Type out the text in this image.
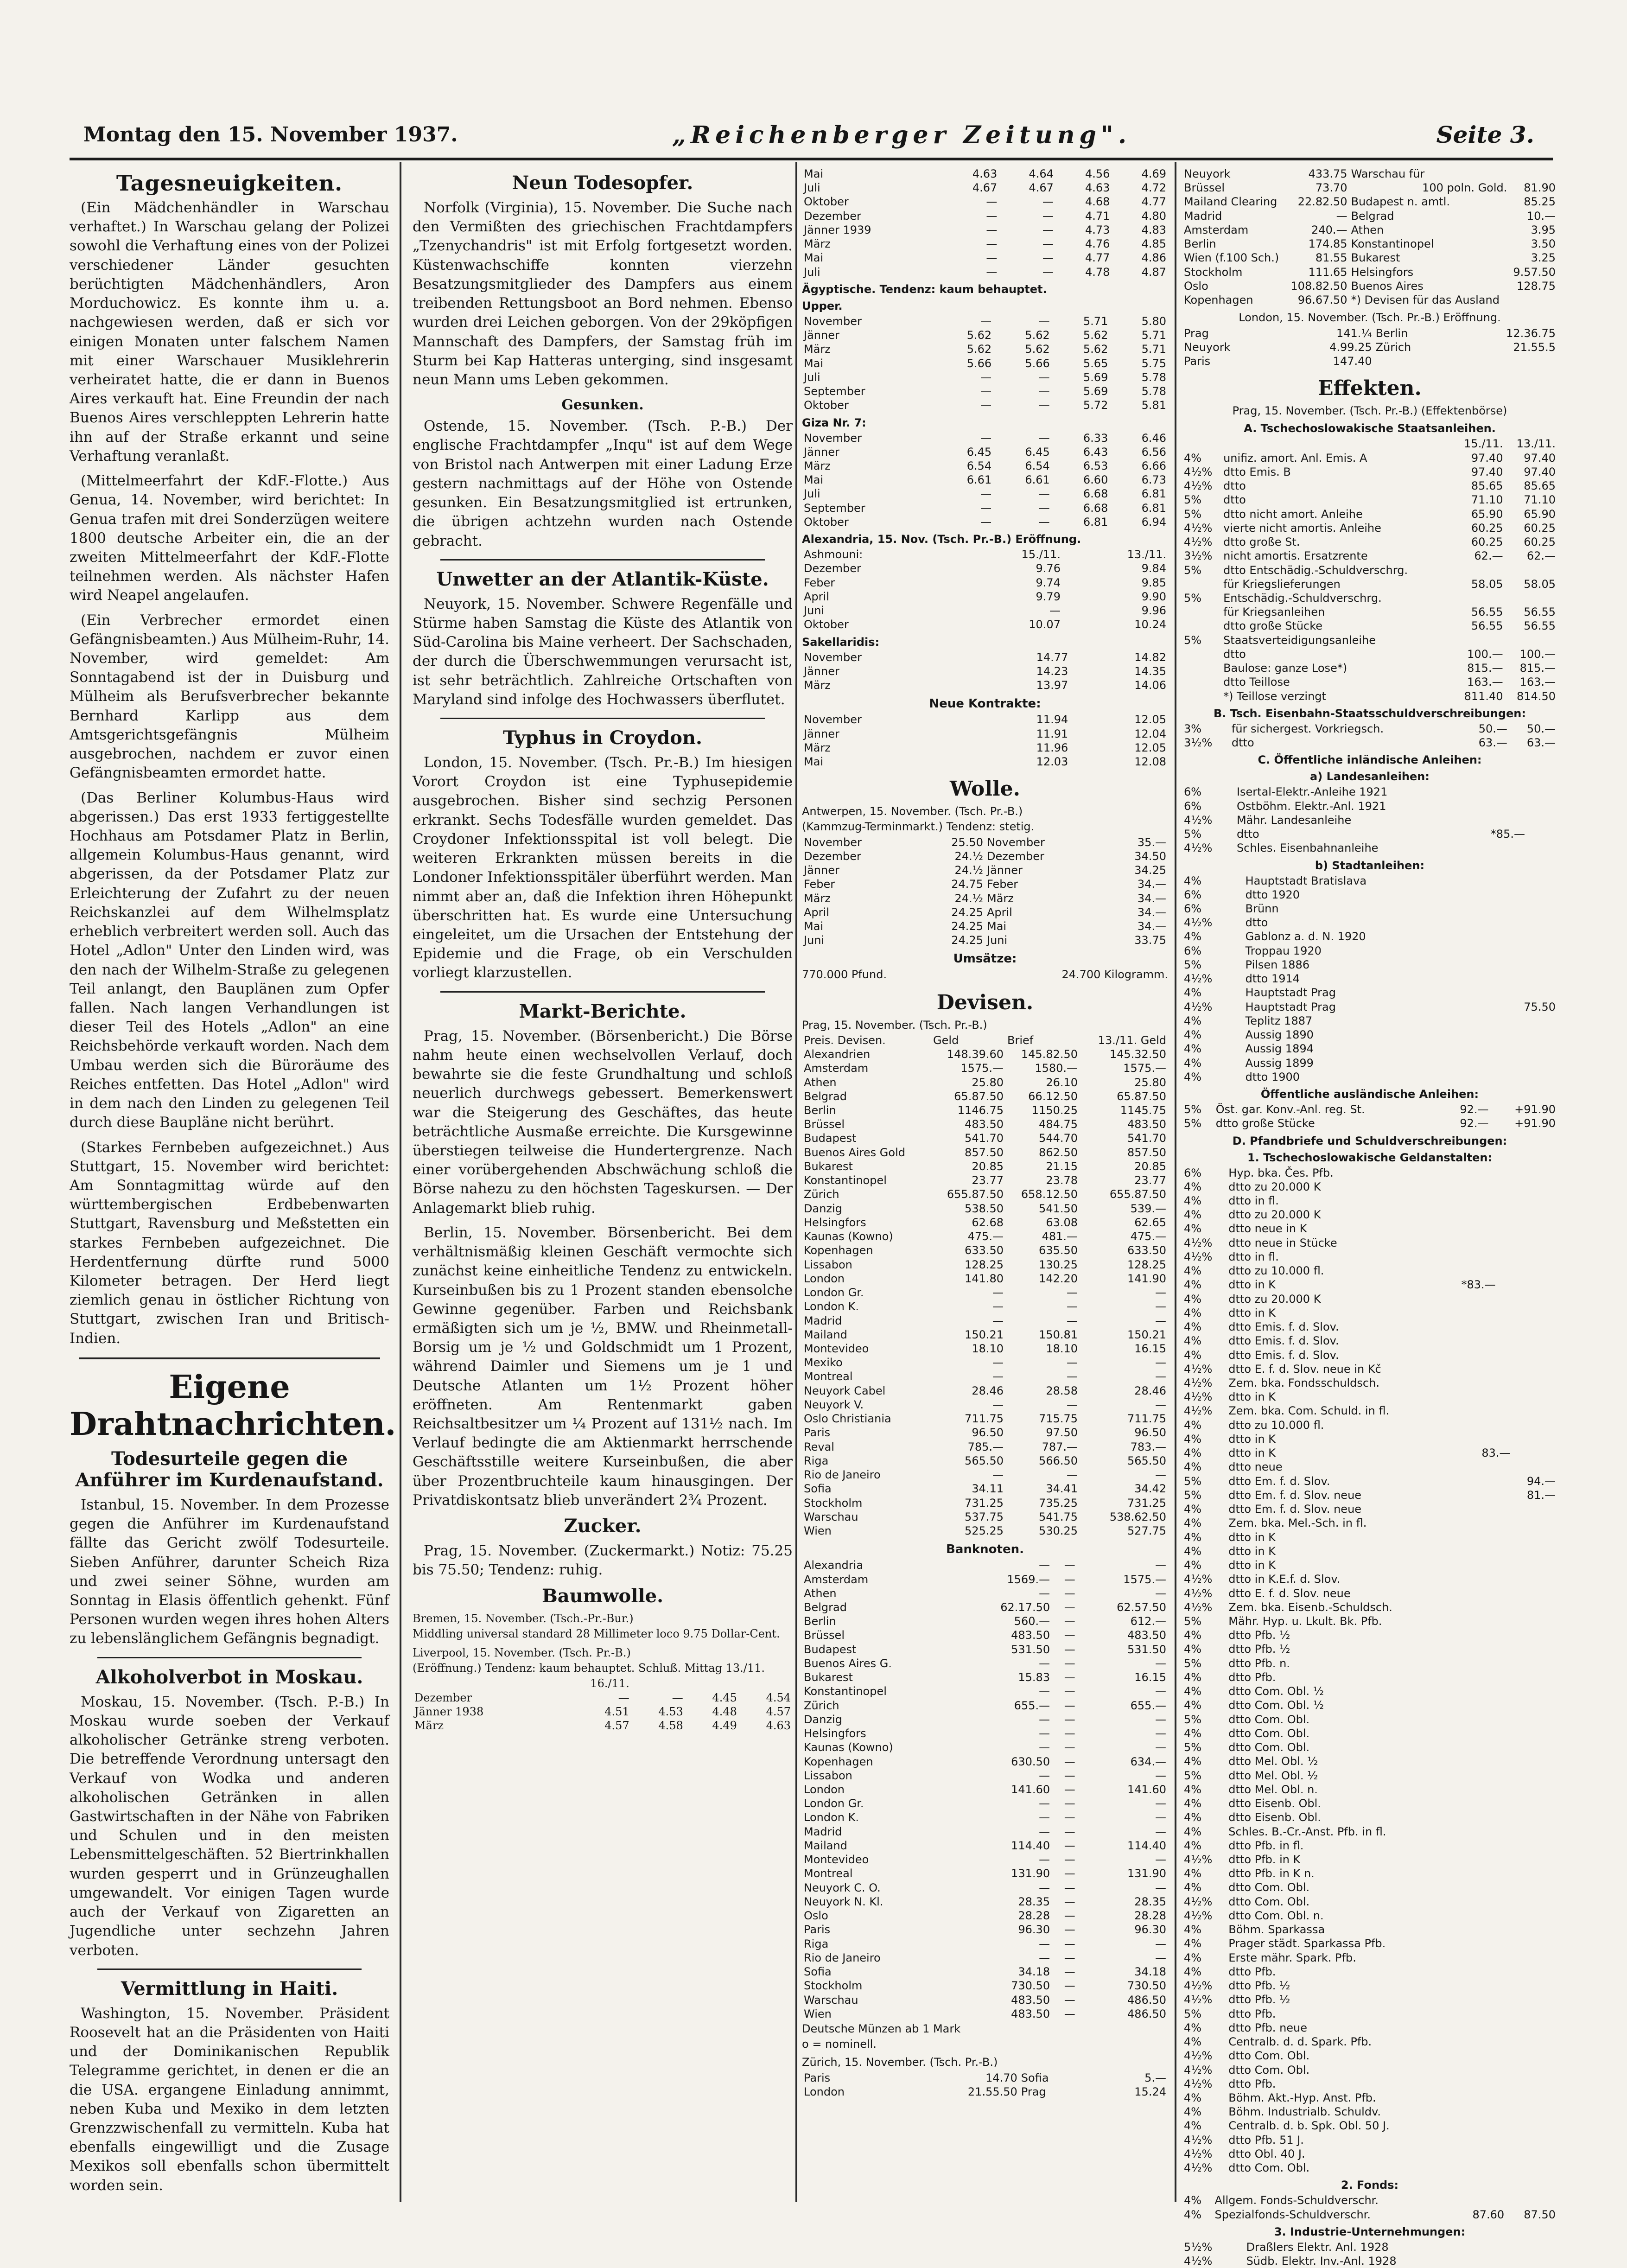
Montag den 15. November 1937.	„Reichenberger Zeitung".	Seite 3.
Tagesneuigkeiten.

(Ein Mädchenhändler in Warschau verhaftet.) In Warschau gelang der Polizei sowohl die Verhaftung eines von der Polizei verschiedener Länder gesuchten berüchtigten Mädchenhändlers, Aron Morduchowicz. Es konnte ihm u. a. nachgewiesen werden, daß er sich vor einigen Monaten unter falschem Namen mit einer Warschauer Musiklehrerin verheiratet hatte, die er dann in Buenos Aires verkauft hat. Eine Freundin der nach Buenos Aires verschleppten Lehrerin hatte ihn auf der Straße erkannt und seine Verhaftung veranlaßt.

(Mittelmeerfahrt der KdF.-Flotte.) Aus Genua, 14. November, wird berichtet: In Genua trafen mit drei Sonderzügen weitere 1800 deutsche Arbeiter ein, die an der zweiten Mittelmeerfahrt der KdF.-Flotte teilnehmen werden. Als nächster Hafen wird Neapel angelaufen.

(Ein Verbrecher ermordet einen Gefängnisbeamten.) Aus Mülheim-Ruhr, 14. November, wird gemeldet: Am Sonntagabend ist der in Duisburg und Mülheim als Berufsverbrecher bekannte Bernhard Karlipp aus dem Amtsgerichtsgefängnis Mülheim ausgebrochen, nachdem er zuvor einen Gefängnisbeamten ermordet hatte.

(Das Berliner Kolumbus-Haus wird abgerissen.) Das erst 1933 fertiggestellte Hochhaus am Potsdamer Platz in Berlin, allgemein Kolumbus-Haus genannt, wird abgerissen, da der Potsdamer Platz zur Erleichterung der Zufahrt zu der neuen Reichskanzlei auf dem Wilhelmsplatz erheblich verbreitert werden soll. Auch das Hotel „Adlon" Unter den Linden wird, was den nach der Wilhelm-Straße zu gelegenen Teil anlangt, den Bauplänen zum Opfer fallen. Nach langen Verhandlungen ist dieser Teil des Hotels „Adlon" an eine Reichsbehörde verkauft worden. Nach dem Umbau werden sich die Büroräume des Reiches entfetten. Das Hotel „Adlon" wird in dem nach den Linden zu gelegenen Teil durch diese Baupläne nicht berührt.

(Starkes Fernbeben aufgezeichnet.) Aus Stuttgart, 15. November wird berichtet: Am Sonntagmittag würde auf den württembergischen Erdbebenwarten Stuttgart, Ravensburg und Meßstetten ein starkes Fernbeben aufgezeichnet. Die Herdentfernung dürfte rund 5000 Kilometer betragen. Der Herd liegt ziemlich genau in östlicher Richtung von Stuttgart, zwischen Iran und Britisch-Indien.

Eigene Drahtnachrichten.
Todesurteile gegen die Anführer im Kurdenaufstand.

Istanbul, 15. November. In dem Prozesse gegen die Anführer im Kurdenaufstand fällte das Gericht zwölf Todesurteile. Sieben Anführer, darunter Scheich Riza und zwei seiner Söhne, wurden am Sonntag in Elasis öffentlich gehenkt. Fünf Personen wurden wegen ihres hohen Alters zu lebenslänglichem Gefängnis begnadigt.

Alkoholverbot in Moskau.

Moskau, 15. November. (Tsch. P.-B.) In Moskau wurde soeben der Verkauf alkoholischer Getränke streng verboten. Die betreffende Verordnung untersagt den Verkauf von Wodka und anderen alkoholischen Getränken in allen Gastwirtschaften in der Nähe von Fabriken und Schulen und in den meisten Lebensmittelgeschäften. 52 Biertrinkhallen wurden gesperrt und in Grünzeughallen umgewandelt. Vor einigen Tagen wurde auch der Verkauf von Zigaretten an Jugendliche unter sechzehn Jahren verboten.

Vermittlung in Haiti.

Washington, 15. November. Präsident Roosevelt hat an die Präsidenten von Haiti und der Dominikanischen Republik Telegramme gerichtet, in denen er die an die USA. ergangene Einladung annimmt, neben Kuba und Mexiko in dem letzten Grenzzwischenfall zu vermitteln. Kuba hat ebenfalls eingewilligt und die Zusage Mexikos soll ebenfalls schon übermittelt worden sein.

Neun Todesopfer.

Norfolk (Virginia), 15. November. Die Suche nach den Vermißten des griechischen Frachtdampfers „Tzenychandris" ist mit Erfolg fortgesetzt worden. Küstenwachschiffe konnten vierzehn Besatzungsmitglieder des Dampfers aus einem treibenden Rettungsboot an Bord nehmen. Ebenso wurden drei Leichen geborgen. Von der 29köpfigen Mannschaft des Dampfers, der Samstag früh im Sturm bei Kap Hatteras unterging, sind insgesamt neun Mann ums Leben gekommen.

Gesunken.

Ostende, 15. November. (Tsch. P.-B.) Der englische Frachtdampfer „Inqu" ist auf dem Wege von Bristol nach Antwerpen mit einer Ladung Erze gestern nachmittags auf der Höhe von Ostende gesunken. Ein Besatzungsmitglied ist ertrunken, die übrigen achtzehn wurden nach Ostende gebracht.

Unwetter an der Atlantik-Küste.

Neuyork, 15. November. Schwere Regenfälle und Stürme haben Samstag die Küste des Atlantik von Süd-Carolina bis Maine verheert. Der Sachschaden, der durch die Überschwemmungen verursacht ist, ist sehr beträchtlich. Zahlreiche Ortschaften von Maryland sind infolge des Hochwassers überflutet.

Typhus in Croydon.

London, 15. November. (Tsch. Pr.-B.) Im hiesigen Vorort Croydon ist eine Typhusepidemie ausgebrochen. Bisher sind sechzig Personen erkrankt. Sechs Todesfälle wurden gemeldet. Das Croydoner Infektionsspital ist voll belegt. Die weiteren Erkrankten müssen bereits in die Londoner Infektionsspitäler überführt werden. Man nimmt aber an, daß die Infektion ihren Höhepunkt überschritten hat. Es wurde eine Untersuchung eingeleitet, um die Ursachen der Entstehung der Epidemie und die Frage, ob ein Verschulden vorliegt klarzustellen.

Markt-Berichte.

Prag, 15. November. (Börsenbericht.) Die Börse nahm heute einen wechselvollen Verlauf, doch bewahrte sie die feste Grundhaltung und schloß neuerlich durchwegs gebessert. Bemerkenswert war die Steigerung des Geschäftes, das heute beträchtliche Ausmaße erreichte. Die Kursgewinne überstiegen teilweise die Hundertergrenze. Nach einer vorübergehenden Abschwächung schloß die Börse nahezu zu den höchsten Tageskursen. — Der Anlagemarkt blieb ruhig.

Berlin, 15. November. Börsenbericht. Bei dem verhältnismäßig kleinen Geschäft vermochte sich zunächst keine einheitliche Tendenz zu entwickeln. Kurseinbußen bis zu 1 Prozent standen ebensolche Gewinne gegenüber. Farben und Reichsbank ermäßigten sich um je ½, BMW. und Rheinmetall-Borsig um je ½ und Goldschmidt um 1 Prozent, während Daimler und Siemens um je 1 und Deutsche Atlanten um 1½ Prozent höher eröffneten. Am Rentenmarkt gaben Reichsaltbesitzer um ¼ Prozent auf 131½ nach. Im Verlauf bedingte die am Aktienmarkt herrschende Geschäftsstille weitere Kurseinbußen, die aber über Prozentbruchteile kaum hinausgingen. Der Privatdiskontsatz blieb unverändert 2¾ Prozent.

Zucker.

Prag, 15. November. (Zuckermarkt.) Notiz: 75.25 bis 75.50; Tendenz: ruhig.

Baumwolle.
Bremen, 15. November. (Tsch.-Pr.-Bur.)
Middling universal standard 28 Millimeter loco 9.75 Dollar-Cent.
Liverpool, 15. November. (Tsch. Pr.-B.)
(Eröffnung.) Tendenz: kaum behauptet. Schluß. Mittag 13./11.
	16./11.			
Dezember	—	—	4.45	4.54
Jänner 1938	4.51	4.53	4.48	4.57
März	4.57	4.58	4.49	4.63
Mai	4.63	4.64	4.56	4.69
Juli	4.67	4.67	4.63	4.72
Oktober	—	—	4.68	4.77
Dezember	—	—	4.71	4.80
Jänner 1939	—	—	4.73	4.83
März	—	—	4.76	4.85
Mai	—	—	4.77	4.86
Juli	—	—	4.78	4.87
Ägyptische. Tendenz: kaum behauptet.
Upper.
November	—	—	5.71	5.80
Jänner	5.62	5.62	5.62	5.71
März	5.62	5.62	5.62	5.71
Mai	5.66	5.66	5.65	5.75
Juli	—	—	5.69	5.78
September	—	—	5.69	5.78
Oktober	—	—	5.72	5.81
Giza Nr. 7:
November	—	—	6.33	6.46
Jänner	6.45	6.45	6.43	6.56
März	6.54	6.54	6.53	6.66
Mai	6.61	6.61	6.60	6.73
Juli	—	—	6.68	6.81
September	—	—	6.68	6.81
Oktober	—	—	6.81	6.94
Alexandria, 15. Nov. (Tsch. Pr.-B.) Eröffnung.
Ashmouni:	15./11.	13./11.
Dezember	9.76	9.84
Feber	9.74	9.85
April	9.79	9.90
Juni	—	9.96
Oktober	10.07	10.24
Sakellaridis:
November	14.77	14.82
Jänner	14.23	14.35
März	13.97	14.06
Neue Kontrakte:
November	11.94	12.05
Jänner	11.91	12.04
März	11.96	12.05
Mai	12.03	12.08
Wolle.
Antwerpen, 15. November. (Tsch. Pr.-B.)
(Kammzug-Terminmarkt.) Tendenz: stetig.
November	25.50	November	35.—
Dezember	24.½	Dezember	34.50
Jänner	24.½	Jänner	34.25
Feber	24.75	Feber	34.—
März	24.½	März	34.—
April	24.25	April	34.—
Mai	24.25	Mai	34.—
Juni	24.25	Juni	33.75
Umsätze:
770.000 Pfund.	24.700 Kilogramm.
Devisen.
Prag, 15. November. (Tsch. Pr.-B.)
Preis. Devisen.	Geld	Brief	13./11. Geld
Alexandrien	148.39.60	145.82.50	145.32.50
Amsterdam	1575.—	1580.—	1575.—
Athen	25.80	26.10	25.80
Belgrad	65.87.50	66.12.50	65.87.50
Berlin	1146.75	1150.25	1145.75
Brüssel	483.50	484.75	483.50
Budapest	541.70	544.70	541.70
Buenos Aires Gold	857.50	862.50	857.50
Bukarest	20.85	21.15	20.85
Konstantinopel	23.77	23.78	23.77
Zürich	655.87.50	658.12.50	655.87.50
Danzig	538.50	541.50	539.—
Helsingfors	62.68	63.08	62.65
Kaunas (Kowno)	475.—	481.—	475.—
Kopenhagen	633.50	635.50	633.50
Lissabon	128.25	130.25	128.25
London	141.80	142.20	141.90
London Gr.	—	—	—
London K.	—	—	—
Madrid	—	—	—
Mailand	150.21	150.81	150.21
Montevideo	18.10	18.10	16.15
Mexiko	—	—	—
Montreal	—	—	—
Neuyork Cabel	28.46	28.58	28.46
Neuyork V.	—	—	—
Oslo Christiania	711.75	715.75	711.75
Paris	96.50	97.50	96.50
Reval	785.—	787.—	783.—
Riga	565.50	566.50	565.50
Rio de Janeiro	—	—	—
Sofia	34.11	34.41	34.42
Stockholm	731.25	735.25	731.25
Warschau	537.75	541.75	538.62.50
Wien	525.25	530.25	527.75
Banknoten.
Alexandria	—	—	—
Amsterdam	1569.—	—	1575.—
Athen	—	—	—
Belgrad	62.17.50	—	62.57.50
Berlin	560.—	—	612.—
Brüssel	483.50	—	483.50
Budapest	531.50	—	531.50
Buenos Aires G.	—	—	—
Bukarest	15.83	—	16.15
Konstantinopel	—	—	—
Zürich	655.—	—	655.—
Danzig	—	—	—
Helsingfors	—	—	—
Kaunas (Kowno)	—	—	—
Kopenhagen	630.50	—	634.—
Lissabon	—	—	—
London	141.60	—	141.60
London Gr.	—	—	—
London K.	—	—	—
Madrid	—	—	—
Mailand	114.40	—	114.40
Montevideo	—	—	—
Montreal	131.90	—	131.90
Neuyork C. O.	—	—	—
Neuyork N. Kl.	28.35	—	28.35
Oslo	28.28	—	28.28
Paris	96.30	—	96.30
Riga	—	—	—
Rio de Janeiro	—	—	—
Sofia	34.18	—	34.18
Stockholm	730.50	—	730.50
Warschau	483.50	—	486.50
Wien	483.50	—	486.50
Deutsche Münzen ab 1 Mark
o = nominell.
Zürich, 15. November. (Tsch. Pr.-B.)
Paris	14.70	Sofia	5.—
London	21.55.50	Prag	15.24
Neuyork	433.75	Warschau für	
Brüssel	73.70	100 poln. Gold.	81.90
Mailand Clearing	22.82.50	Budapest n. amtl.	85.25
Madrid	—	Belgrad	10.—
Amsterdam	240.—	Athen	3.95
Berlin	174.85	Konstantinopel	3.50
Wien (f.100 Sch.)	81.55	Bukarest	3.25
Stockholm	111.65	Helsingfors	9.57.50
Oslo	108.82.50	Buenos Aires	128.75
Kopenhagen	96.67.50	*) Devisen für das Ausland	
London, 15. November. (Tsch. Pr.-B.) Eröffnung.
Prag	141.¼	Berlin	12.36.75
Neuyork	4.99.25	Zürich	21.55.5
Paris	147.40		
Effekten.
Prag, 15. November. (Tsch. Pr.-B.) (Effektenbörse)
A. Tschechoslowakische Staatsanleihen.
		15./11.	13./11.
4%	unifiz. amort. Anl. Emis. A	97.40	97.40
4½%	dtto Emis. B	97.40	97.40
4½%	dtto	85.65	85.65
5%	dtto	71.10	71.10
5%	dtto nicht amort. Anleihe	65.90	65.90
4½%	vierte nicht amortis. Anleihe	60.25	60.25
4½%	dtto große St.	60.25	60.25
3½%	nicht amortis. Ersatzrente	62.—	62.—
5%	dtto Entschädig.-Schuldverschrg.		
	für Kriegslieferungen	58.05	58.05
5%	Entschädig.-Schuldverschrg.		
	für Kriegsanleihen	56.55	56.55
	dtto große Stücke	56.55	56.55
5%	Staatsverteidigungsanleihe		
	dtto	100.—	100.—
	Baulose: ganze Lose*)	815.—	815.—
	dtto Teillose	163.—	163.—
	*) Teillose verzingt	811.40	814.50
B. Tsch. Eisenbahn-Staatsschuldverschreibungen:
3%	für sichergest. Vorkriegsch.	50.—	50.—
3½%	dtto	63.—	63.—
C. Öffentliche inländische Anleihen:
a) Landesanleihen:
6%	Isertal-Elektr.-Anleihe 1921		
6%	Ostböhm. Elektr.-Anl. 1921		
4½%	Mähr. Landesanleihe		
5%	dtto	*85.—	
4½%	Schles. Eisenbahnanleihe		
b) Stadtanleihen:
4%	Hauptstadt Bratislava		
6%	dtto 1920		
6%	Brünn		
4½%	dtto		
4%	Gablonz a. d. N. 1920		
6%	Troppau 1920		
5%	Pilsen 1886		
4½%	dtto 1914		
4%	Hauptstadt Prag		
4½%	Hauptstadt Prag		75.50
4%	Teplitz 1887		
4%	Aussig 1890		
4%	Aussig 1894		
4%	Aussig 1899		
4%	dtto 1900		
Öffentliche ausländische Anleihen:
5%	Öst. gar. Konv.-Anl. reg. St.	92.—	+91.90
5%	dtto große Stücke	92.—	+91.90
D. Pfandbriefe und Schuldverschreibungen:
1. Tschechoslowakische Geldanstalten:
6%	Hyp. bka. Čes. Pfb.		
4%	dtto zu 20.000 K		
4%	dtto in fl.		
4%	dtto zu 20.000 K		
4%	dtto neue in K		
4½%	dtto neue in Stücke		
4½%	dtto in fl.		
4%	dtto zu 10.000 fl.		
4%	dtto in K	*83.—	
4%	dtto zu 20.000 K		
4%	dtto in K		
4%	dtto Emis. f. d. Slov.		
4%	dtto Emis. f. d. Slov.		
4%	dtto Emis. f. d. Slov.		
4½%	dtto E. f. d. Slov. neue in Kč		
4½%	Zem. bka. Fondsschuldsch.		
4½%	dtto in K		
4½%	Zem. bka. Com. Schuld. in fl.		
4%	dtto zu 10.000 fl.		
4%	dtto in K		
4%	dtto in K	83.—	
4%	dtto neue		
5%	dtto Em. f. d. Slov.		94.—
5%	dtto Em. f. d. Slov. neue		81.—
4%	dtto Em. f. d. Slov. neue		
4%	Zem. bka. Mel.-Sch. in fl.		
4%	dtto in K		
4%	dtto in K		
4%	dtto in K		
4½%	dtto in K.E.f. d. Slov.		
4½%	dtto E. f. d. Slov. neue		
4½%	Zem. bka. Eisenb.-Schuldsch.		
5%	Mähr. Hyp. u. Lkult. Bk. Pfb.		
4%	dtto Pfb. ½		
4%	dtto Pfb. ½		
5%	dtto Pfb. n.		
4%	dtto Pfb.		
4%	dtto Com. Obl. ½		
4%	dtto Com. Obl. ½		
5%	dtto Com. Obl.		
4%	dtto Com. Obl.		
5%	dtto Com. Obl.		
4%	dtto Mel. Obl. ½		
5%	dtto Mel. Obl. ½		
4%	dtto Mel. Obl. n.		
4%	dtto Eisenb. Obl.		
4%	dtto Eisenb. Obl.		
4%	Schles. B.-Cr.-Anst. Pfb. in fl.		
4%	dtto Pfb. in fl.		
4½%	dtto Pfb. in K		
4%	dtto Pfb. in K n.		
4%	dtto Com. Obl.		
4½%	dtto Com. Obl.		
4½%	dtto Com. Obl. n.		
4%	Böhm. Sparkassa		
4%	Prager städt. Sparkassa Pfb.		
4%	Erste mähr. Spark. Pfb.		
4%	dtto Pfb.		
4½%	dtto Pfb. ½		
4½%	dtto Pfb. ½		
5%	dtto Pfb.		
4%	dtto Pfb. neue		
4%	Centralb. d. d. Spark. Pfb.		
4½%	dtto Com. Obl.		
4½%	dtto Com. Obl.		
4½%	dtto Pfb.		
4%	Böhm. Akt.-Hyp. Anst. Pfb.		
4%	Böhm. Industrialb. Schuldv.		
4%	Centralb. d. b. Spk. Obl. 50 J.		
4½%	dtto Pfb. 51 J.		
4½%	dtto Obl. 40 J.		
4½%	dtto Com. Obl.		
2. Fonds:
4%	Allgem. Fonds-Schuldverschr.		
4%	Spezialfonds-Schuldverschr.	87.60	87.50
3. Industrie-Unternehmungen:
5½%	Draßlers Elektr. Anl. 1928		
4½%	Südb. Elektr. Inv.-Anl. 1928		
